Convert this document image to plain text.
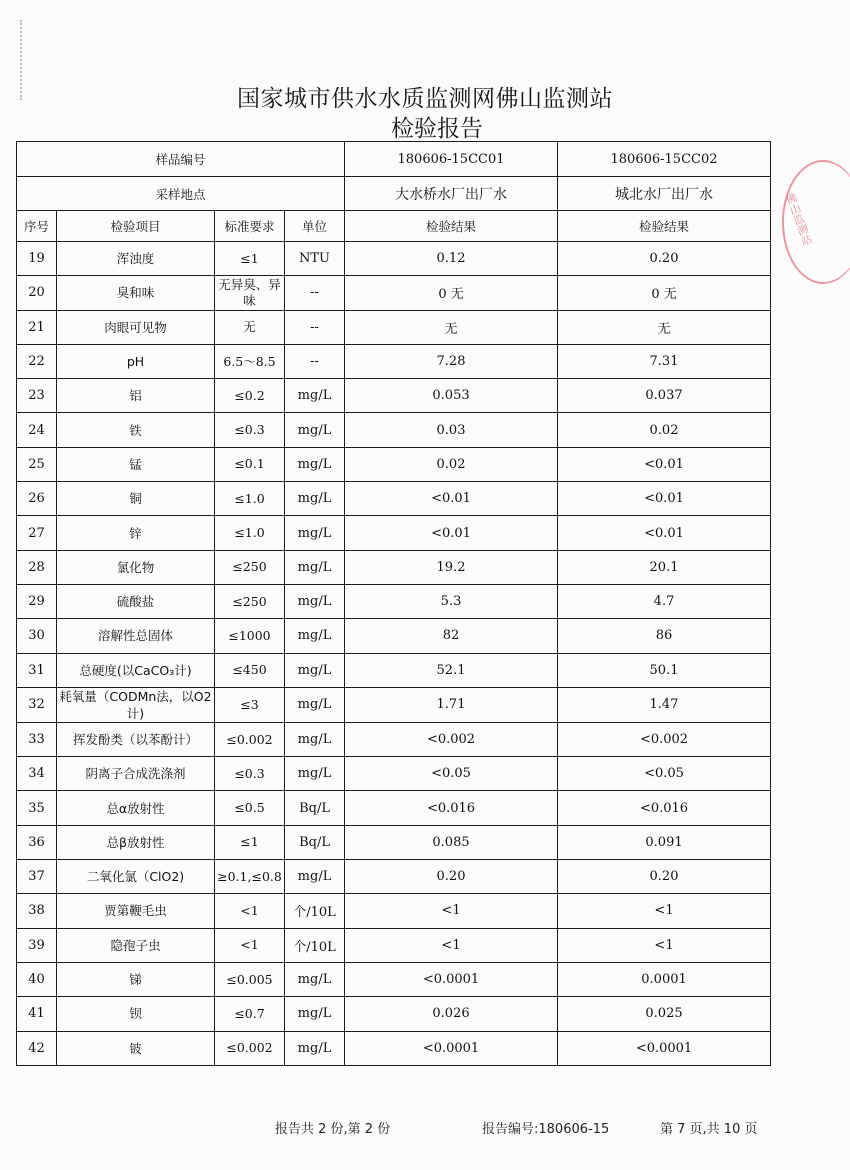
国家城市供水水质监测网佛山监测站
检验报告
样品编号				180606-15CC01	180606-15CC02
采样地点				大水桥水厂出厂水	城北水厂出厂水
序号	检验项目	标准要求	单位	检验结果	检验结果
19	浑浊度	≤1	NTU	0.12	0.20
20	臭和味	无异臭、异味	--	0 无	0 无
21	肉眼可见物	无	--	无	无
22	pH	6.5～8.5	--	7.28	7.31
23	铝	≤0.2	mg/L	0.053	0.037
24	铁	≤0.3	mg/L	0.03	0.02
25	锰	≤0.1	mg/L	0.02	<0.01
26	铜	≤1.0	mg/L	<0.01	<0.01
27	锌	≤1.0	mg/L	<0.01	<0.01
28	氯化物	≤250	mg/L	19.2	20.1
29	硫酸盐	≤250	mg/L	5.3	4.7
30	溶解性总固体	≤1000	mg/L	82	86
31	总硬度(以CaCO₃计)	≤450	mg/L	52.1	50.1
32	耗氧量（CODMn法，以O2计)	≤3	mg/L	1.71	1.47
33	挥发酚类（以苯酚计）	≤0.002	mg/L	<0.002	<0.002
34	阴离子合成洗涤剂	≤0.3	mg/L	<0.05	<0.05
35	总α放射性	≤0.5	Bq/L	<0.016	<0.016
36	总β放射性	≤1	Bq/L	0.085	0.091
37	二氧化氯（ClO2)	≥0.1,≤0.8	mg/L	0.20	0.20
38	贾第鞭毛虫	<1	个/10L	<1	<1
39	隐孢子虫	<1	个/10L	<1	<1
40	锑	≤0.005	mg/L	<0.0001	0.0001
41	钡	≤0.7	mg/L	0.026	0.025
42	铍	≤0.002	mg/L	<0.0001	<0.0001
佛山监测站
报告共 2 份,第 2 份	报告编号:180606-15	第 7 页,共 10 页
